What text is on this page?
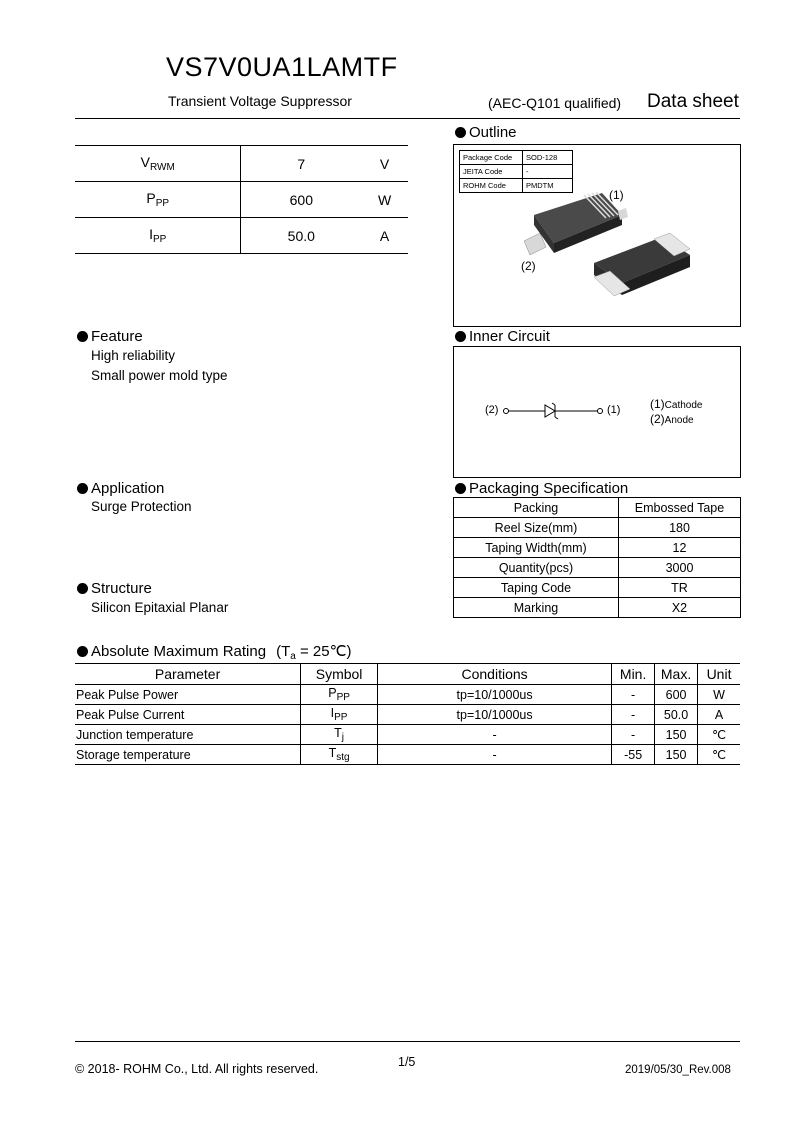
VS7V0UA1LAMTF
Transient Voltage Suppressor	(AEC-Q101 qualified) Data sheet
$V_{RWM}$	7	V
$P_{PP}$	600	W
$I_{PP}$	50.0	A
Outline
Package Code	SOD-128
JEITA Code	-
ROHM Code	PMDTM
(1)
(2)
Feature
High reliability
Small power mold type
Inner Circuit
(2)	(1) (1)Cathode
(2)Anode
Application
Surge Protection
Packaging Specification
Packing	Embossed Tape
Reel Size(mm)	180
Taping Width(mm)	12
Quantity(pcs)	3000
Taping Code	TR
Marking	X2
Structure
Silicon Epitaxial Planar
Absolute Maximum Rating ($T_a$ = 25℃)
Parameter	Symbol	Conditions	Min.	Max.	Unit
Peak Pulse Power	$P_{PP}$	tp=10/1000us	-	600	W
Peak Pulse Current	$I_{PP}$	tp=10/1000us	-	50.0	A
Junction temperature	$T_j$	-	-	150	℃
Storage temperature	$T_{stg}$	-	-55	150	℃
© 2018- ROHM Co., Ltd. All rights reserved.	1/5
2019/05/30_Rev.008
